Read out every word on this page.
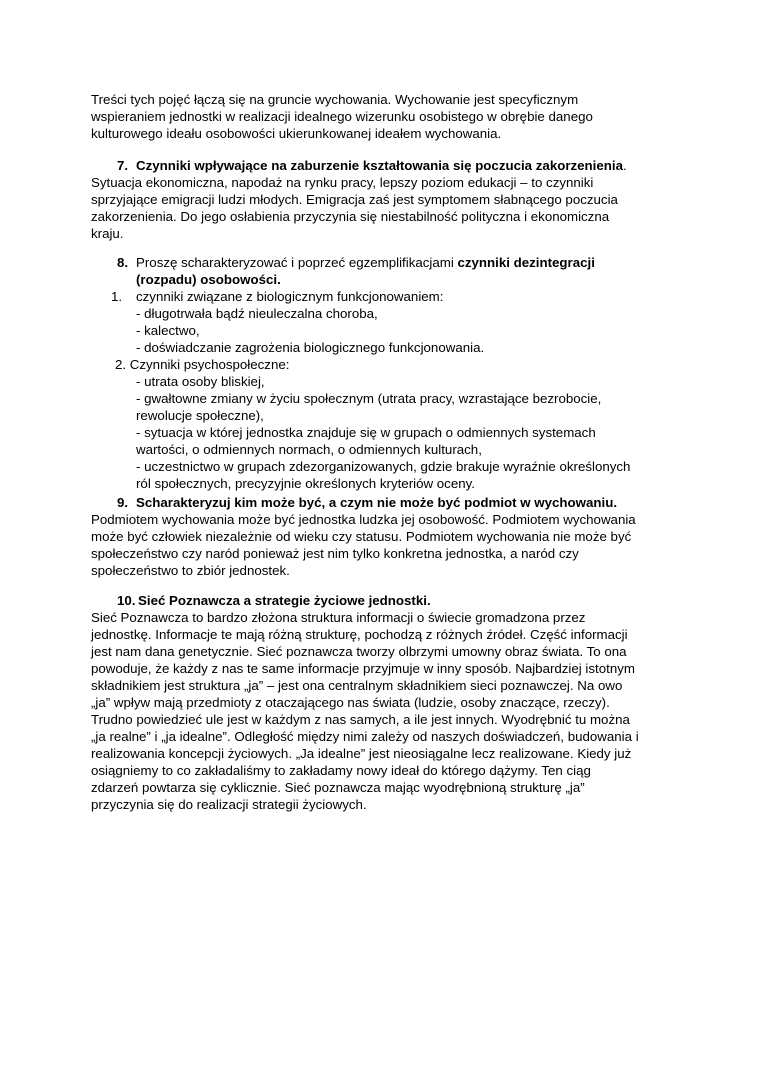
Treści tych pojęć łączą się na gruncie wychowania. Wychowanie jest specyficznym
wspieraniem jednostki w realizacji idealnego wizerunku osobistego w obrębie danego
kulturowego ideału osobowości ukierunkowanej ideałem wychowania.
7. Czynniki wpływające na zaburzenie kształtowania się poczucia zakorzenienia.
Sytuacja ekonomiczna, napodaż na rynku pracy, lepszy poziom edukacji – to czynniki
sprzyjające emigracji ludzi młodych. Emigracja zaś jest symptomem słabnącego poczucia
zakorzenienia. Do jego osłabienia przyczynia się niestabilność polityczna i ekonomiczna
kraju.
8. Proszę scharakteryzować i poprzeć egzemplifikacjami czynniki dezintegracji
(rozpadu) osobowości.
1. czynniki związane z biologicznym funkcjonowaniem:
- długotrwała bądź nieuleczalna choroba,
- kalectwo,
- doświadczanie zagrożenia biologicznego funkcjonowania.
2. Czynniki psychospołeczne:
- utrata osoby bliskiej,
- gwałtowne zmiany w życiu społecznym (utrata pracy, wzrastające bezrobocie,
rewolucje społeczne),
- sytuacja w której jednostka znajduje się w grupach o odmiennych systemach
wartości, o odmiennych normach, o odmiennych kulturach,
- uczestnictwo w grupach zdezorganizowanych, gdzie brakuje wyraźnie określonych
ról społecznych, precyzyjnie określonych kryteriów oceny.
9. Scharakteryzuj kim może być, a czym nie może być podmiot w wychowaniu.
Podmiotem wychowania może być jednostka ludzka jej osobowość. Podmiotem wychowania
może być człowiek niezależnie od wieku czy statusu. Podmiotem wychowania nie może być
społeczeństwo czy naród ponieważ jest nim tylko konkretna jednostka, a naród czy
społeczeństwo to zbiór jednostek.
10. Sieć Poznawcza a strategie życiowe jednostki.
Sieć Poznawcza to bardzo złożona struktura informacji o świecie gromadzona przez
jednostkę. Informacje te mają różną strukturę, pochodzą z różnych źródeł. Część informacji
jest nam dana genetycznie. Sieć poznawcza tworzy olbrzymi umowny obraz świata. To ona
powoduje, że każdy z nas te same informacje przyjmuje w inny sposób. Najbardziej istotnym
składnikiem jest struktura „ja” – jest ona centralnym składnikiem sieci poznawczej. Na owo
„ja” wpływ mają przedmioty z otaczającego nas świata (ludzie, osoby znaczące, rzeczy).
Trudno powiedzieć ule jest w każdym z nas samych, a ile jest innych. Wyodrębnić tu można
„ja realne” i „ja idealne”. Odległość między nimi zależy od naszych doświadczeń, budowania i
realizowania koncepcji życiowych. „Ja idealne” jest nieosiągalne lecz realizowane. Kiedy już
osiągniemy to co zakładaliśmy to zakładamy nowy ideał do którego dążymy. Ten ciąg
zdarzeń powtarza się cyklicznie. Sieć poznawcza mając wyodrębnioną strukturę „ja”
przyczynia się do realizacji strategii życiowych.
